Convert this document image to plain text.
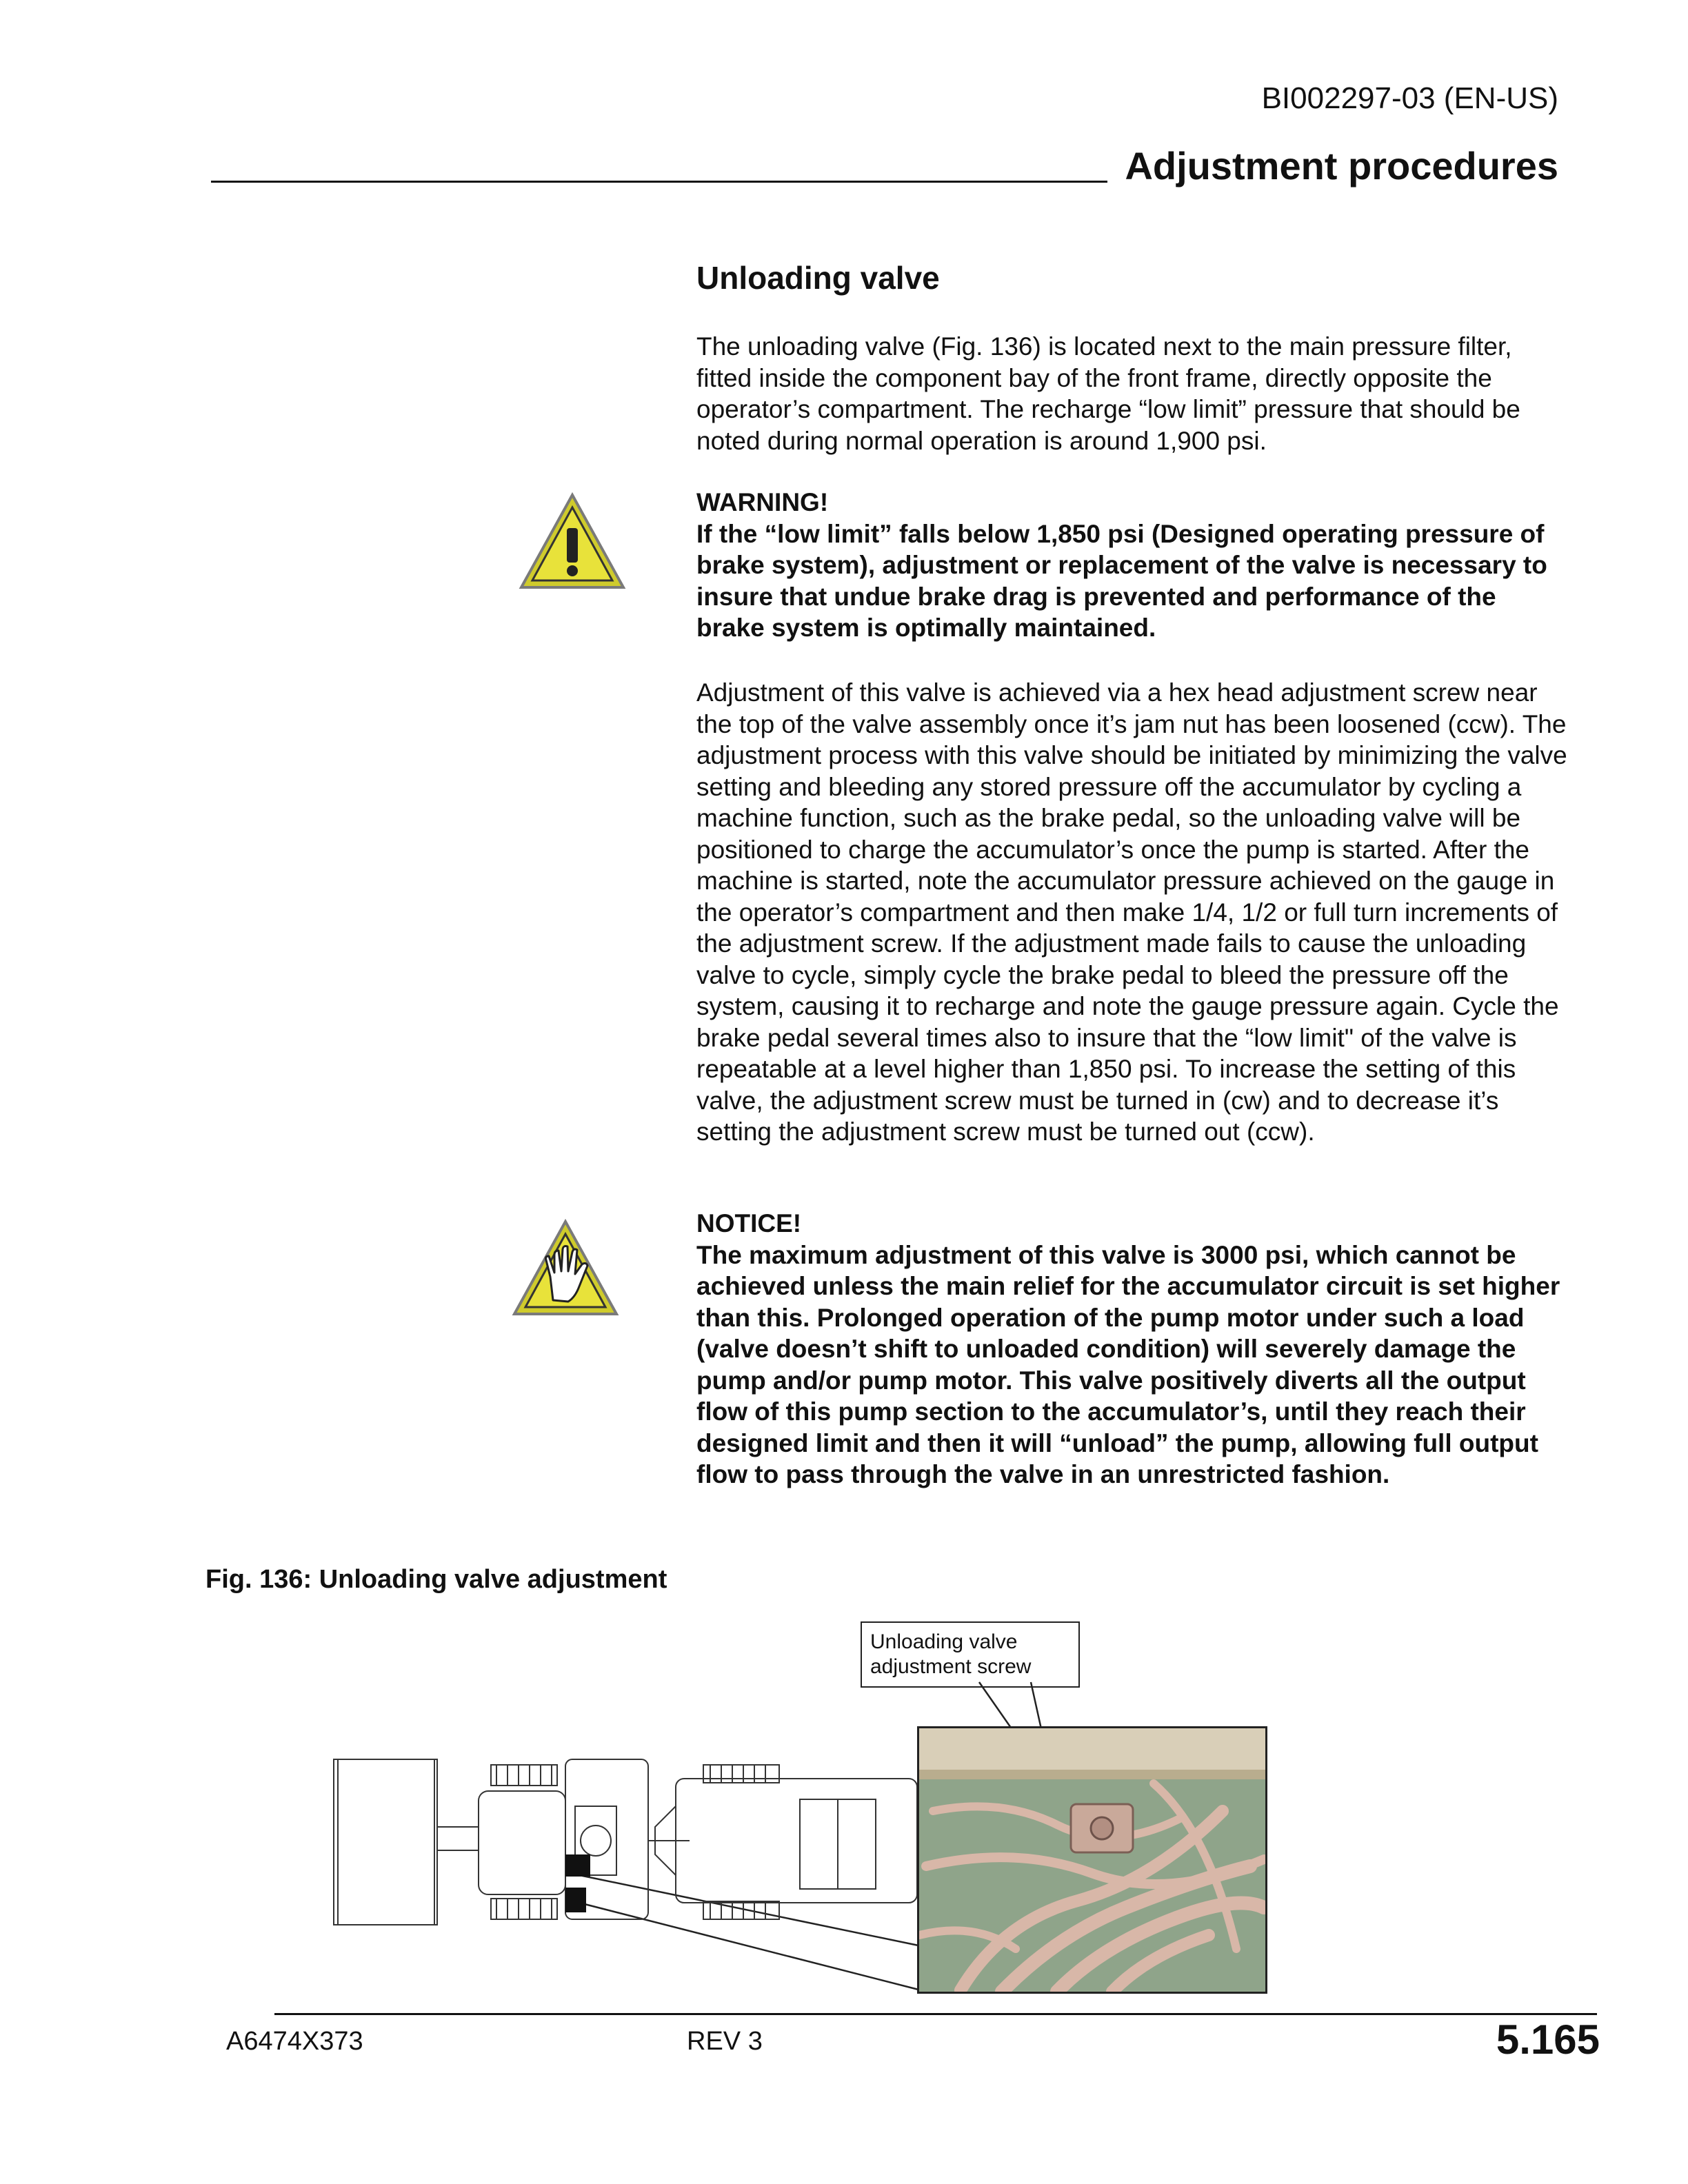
BI002297-03 (EN-US)
Adjustment procedures
Unloading valve
The unloading valve (Fig. 136) is located next to the main pressure filter, fitted inside the component bay of the front frame, directly opposite the operator’s compartment. The recharge “low limit” pressure that should be noted during normal operation is around 1,900 psi.
WARNING!
If the “low limit” falls below 1,850 psi (Designed operating pressure of brake system), adjustment or replacement of the valve is necessary to insure that undue brake drag is prevented and performance of the brake system is optimally maintained.
Adjustment of this valve is achieved via a hex head adjustment screw near the top of the valve assembly once it’s jam nut has been loosened (ccw). The adjustment process with this valve should be initiated by minimizing the valve setting and bleeding any stored pressure off the accumulator by cycling a machine function, such as the brake pedal, so the unloading valve will be positioned to charge the accumulator’s once the pump is started. After the machine is started, note the accumulator pressure achieved on the gauge in the operator’s compartment and then make 1/4, 1/2 or full turn increments of the adjustment screw. If the adjustment made fails to cause the unloading valve to cycle, simply cycle the brake pedal to bleed the pressure off the system, causing it to recharge and note the gauge pressure again. Cycle the brake pedal several times also to insure that the “low limit" of the valve is repeatable at a level higher than 1,850 psi. To increase the setting of this valve, the adjustment screw must be turned in (cw) and to decrease it’s setting the adjustment screw must be turned out (ccw).
NOTICE!
The maximum adjustment of this valve is 3000 psi, which cannot be achieved unless the main relief for the accumulator circuit is set higher than this. Prolonged operation of the pump motor under such a load (valve doesn’t shift to unloaded condition) will severely damage the pump and/or pump motor. This valve positively diverts all the output flow of this pump section to the accumulator’s, until they reach their designed limit and then it will “unload” the pump, allowing full output flow to pass through the valve in an unrestricted fashion.
Fig. 136: Unloading valve adjustment
Unloading valve adjustment screw
A6474X373	REV 3	5.165
